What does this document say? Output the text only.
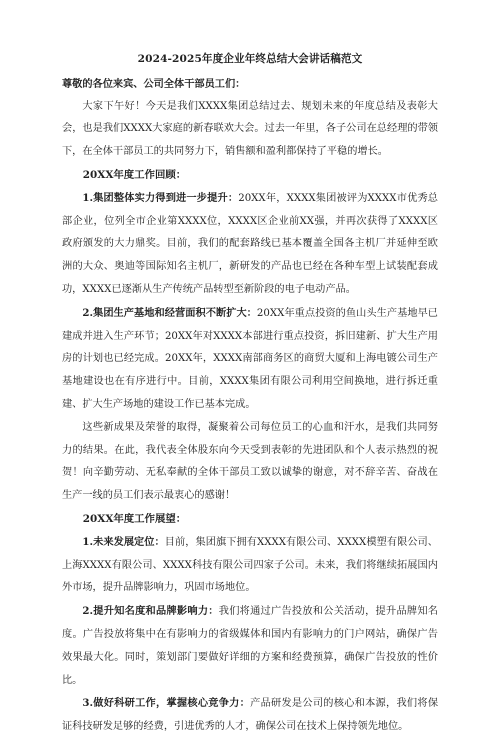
2024-2025年度企业年终总结大会讲话稿范文

尊敬的各位来宾、公司全体干部员工们：

大家下午好！今天是我们XXXX集团总结过去、规划未来的年度总结及表彰大会，也是我们XXXX大家庭的新春联欢大会。过去一年里，各子公司在总经理的带领下，在全体干部员工的共同努力下，销售额和盈利都保持了平稳的增长。

20XX年度工作回顾：

1.集团整体实力得到进一步提升：20XX年，XXXX集团被评为XXXX市优秀总部企业，位列全市企业第XXXX位，XXXX区企业前XX强，并再次获得了XXXX区政府颁发的大力鼎奖。目前，我们的配套路线已基本覆盖全国各主机厂并延伸至欧洲的大众、奥迪等国际知名主机厂，新研发的产品也已经在各种车型上试装配套成功，XXXX已逐渐从生产传统产品转型至新阶段的电子电动产品。

2.集团生产基地和经营面积不断扩大：20XX年重点投资的鱼山头生产基地早已建成并进入生产环节；20XX年对XXXX本部进行重点投资，拆旧建新、扩大生产用房的计划也已经完成。20XX年，XXXX南部商务区的商贸大厦和上海电镀公司生产基地建设也在有序进行中。目前，XXXX集团有限公司利用空间换地，进行拆迁重建、扩大生产场地的建设工作已基本完成。

这些新成果及荣誉的取得，凝聚着公司每位员工的心血和汗水，是我们共同努力的结果。在此，我代表全体股东向今天受到表彰的先进团队和个人表示热烈的祝贺！向辛勤劳动、无私奉献的全体干部员工致以诚挚的谢意，对不辞辛苦、奋战在生产一线的员工们表示最衷心的感谢！

20XX年度工作展望：

1.未来发展定位：目前，集团旗下拥有XXXX有限公司、XXXX模塑有限公司、上海XXXX有限公司、XXXX科技有限公司四家子公司。未来，我们将继续拓展国内外市场，提升品牌影响力，巩固市场地位。

2.提升知名度和品牌影响力：我们将通过广告投放和公关活动，提升品牌知名度。广告投放将集中在有影响力的省级媒体和国内有影响力的门户网站，确保广告效果最大化。同时，策划部门要做好详细的方案和经费预算，确保广告投放的性价比。

3.做好科研工作，掌握核心竞争力：产品研发是公司的核心和本源，我们将保证科技研发足够的经费，引进优秀的人才，确保公司在技术上保持领先地位。
